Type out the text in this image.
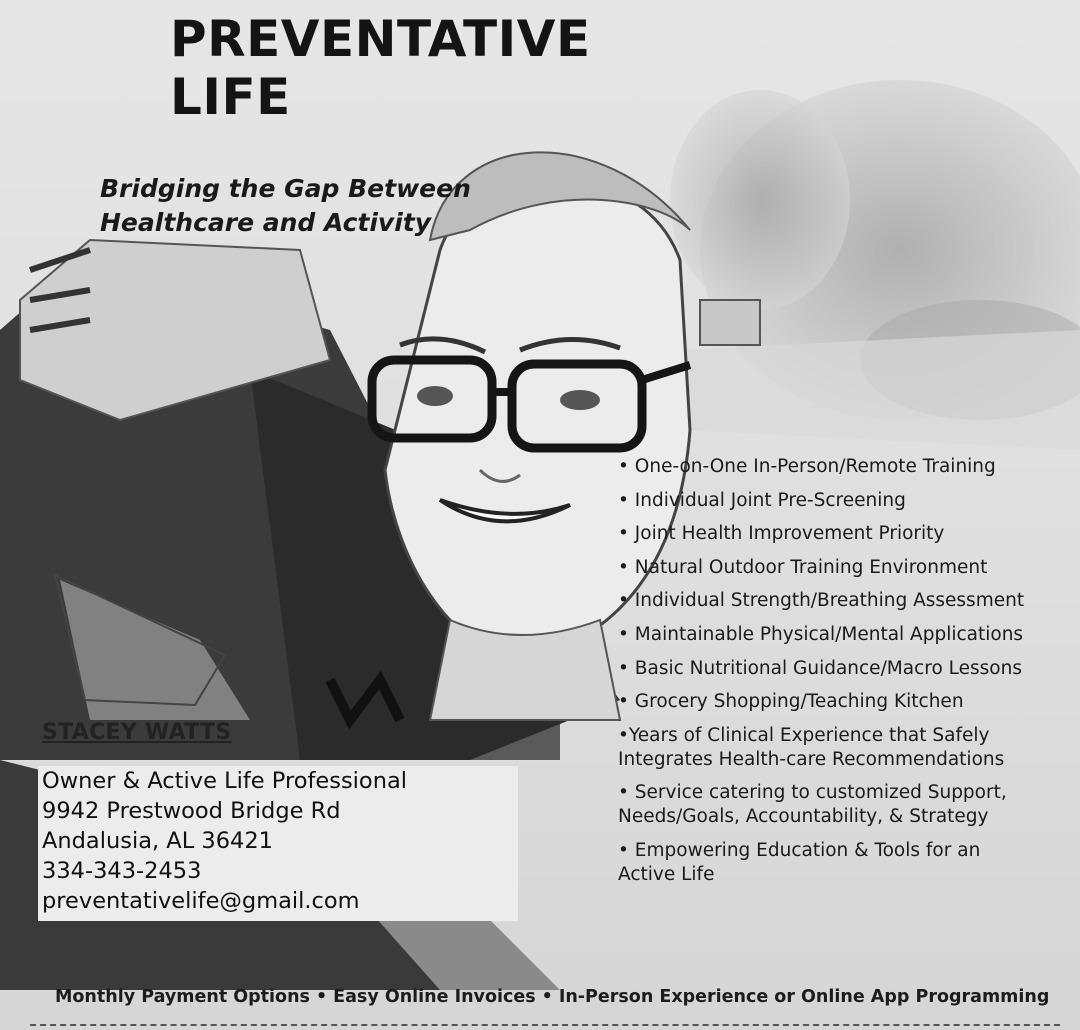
PREVENTATIVE
LIFE
Bridging the Gap Between
Healthcare and Activity
• One-on-One In-Person/Remote Training
• Individual Joint Pre-Screening
• Joint Health Improvement Priority
• Natural Outdoor Training Environment
• Individual Strength/Breathing Assessment
• Maintainable Physical/Mental Applications
• Basic Nutritional Guidance/Macro Lessons
• Grocery Shopping/Teaching Kitchen
•Years of Clinical Experience that Safely
Integrates Health-care Recommendations
• Service catering to customized Support,
Needs/Goals, Accountability, & Strategy
• Empowering Education & Tools for an
Active Life
STACEY WATTS
Owner & Active Life Professional
9942 Prestwood Bridge Rd
Andalusia, AL 36421
334-343-2453
preventativelife@gmail.com
Monthly Payment Options • Easy Online Invoices • In-Person Experience or Online App Programming
